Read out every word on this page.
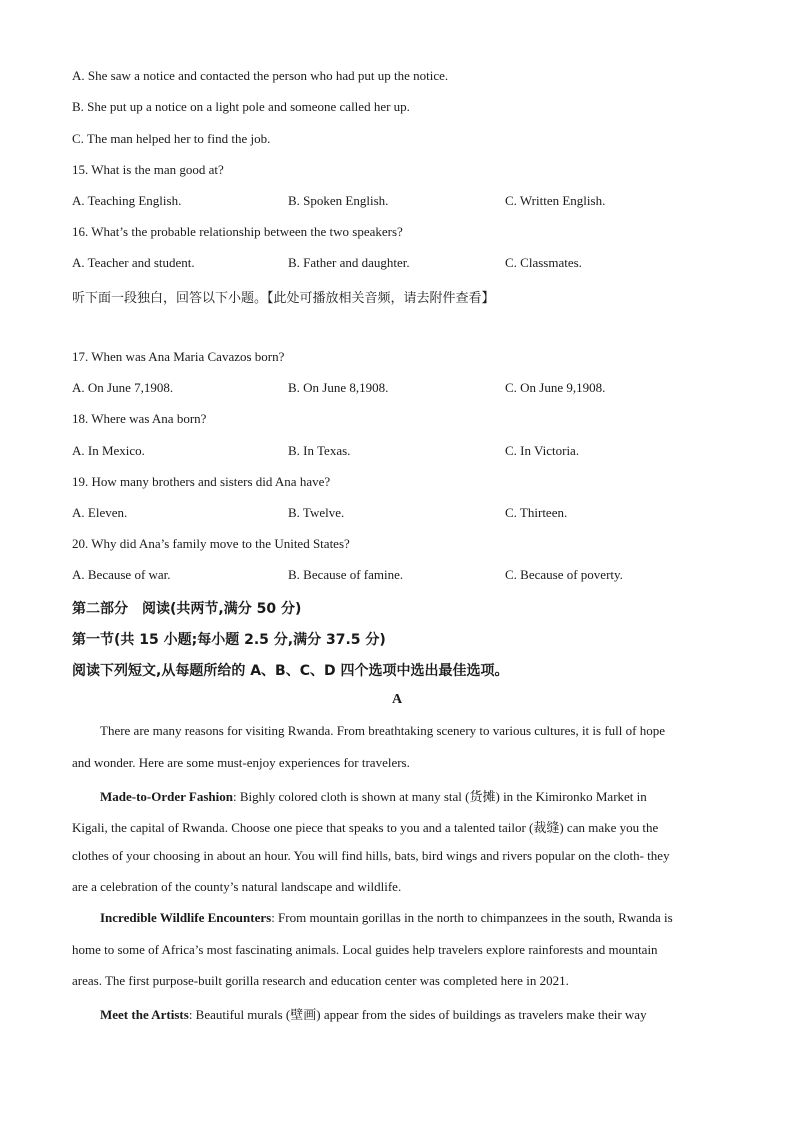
A. She saw a notice and contacted the person who had put up the notice.
B. She put up a notice on a light pole and someone called her up.
C. The man helped her to find the job.
15. What is the man good at?
A. Teaching English.	B. Spoken English.	C. Written English.
16. What’s the probable relationship between the two speakers?
A. Teacher and student.	B. Father and daughter.	C. Classmates.
听下面一段独白，回答以下小题。【此处可播放相关音频，请去附件查看】
17. When was Ana Maria Cavazos born?
A. On June 7,1908.	B. On June 8,1908.	C. On June 9,1908.
18. Where was Ana born?
A. In Mexico.	B. In Texas.	C. In Victoria.
19. How many brothers and sisters did Ana have?
A. Eleven.	B. Twelve.	C. Thirteen.
20. Why did Ana’s family move to the United States?
A. Because of war.	B. Because of famine.	C. Because of poverty.
第二部分　阅读(共两节,满分 50 分)
第一节(共 15 小题;每小题 2.5 分,满分 37.5 分)
阅读下列短文,从每题所给的 A、B、C、D 四个选项中选出最佳选项。
A
There are many reasons for visiting Rwanda. From breathtaking scenery to various cultures, it is full of hope
and wonder. Here are some must-enjoy experiences for travelers.
Made-to-Order Fashion: Bighly colored cloth is shown at many stal (货摊) in the Kimironko Market in
Kigali, the capital of Rwanda. Choose one piece that speaks to you and a talented tailor (裁缝) can make you the
clothes of your choosing in about an hour. You will find hills, bats, bird wings and rivers popular on the cloth- they
are a celebration of the county’s natural landscape and wildlife.
Incredible Wildlife Encounters: From mountain gorillas in the north to chimpanzees in the south, Rwanda is
home to some of Africa’s most fascinating animals. Local guides help travelers explore rainforests and mountain
areas. The first purpose-built gorilla research and education center was completed here in 2021.
Meet the Artists: Beautiful murals (壁画) appear from the sides of buildings as travelers make their way
